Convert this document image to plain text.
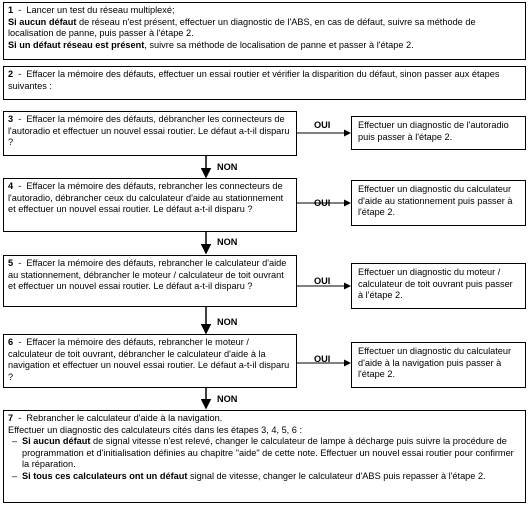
1  -  Lancer un test du réseau multiplexé;

Si aucun défaut de réseau n'est présent, effectuer un diagnostic de l'ABS, en cas de défaut, suivre sa méthode de localisation de panne, puis passer à l'étape 2.

Si un défaut réseau est présent, suivre sa méthode de localisation de panne et passer à l'étape 2.

2  -  Effacer la mémoire des défauts, effectuer un essai routier et vérifier la disparition du défaut, sinon passer aux étapes suivantes :

3  -  Effacer la mémoire des défauts, débrancher les connecteurs de l'autoradio et effectuer un nouvel essai routier. Le défaut a-t-il disparu ?

OUI	Effectuer un diagnostic de l'autoradio puis passer à l'étape 2.
NON

4  -  Effacer la mémoire des défauts, rebrancher les connecteurs de l'autoradio, débrancher ceux du calculateur d'aide au stationnement et effectuer un nouvel essai routier. Le défaut a-t-il disparu ?

OUI
Effectuer un diagnostic du calculateur d'aide au stationnement puis passer à l'étape 2.
NON

5  -  Effacer la mémoire des défauts, rebrancher le calculateur d'aide au stationnement, débrancher le moteur / calculateur de toit ouvrant et effectuer un nouvel essai routier. Le défaut a-t-il disparu ?

OUI
Effectuer un diagnostic du moteur / calculateur de toit ouvrant puis passer à l'étape 2.
NON

6  -  Effacer la mémoire des défauts, rebrancher le moteur / calculateur de toit ouvrant, débrancher le calculateur d'aide à la navigation et effectuer un nouvel essai routier. Le défaut a-t-il disparu ?

OUI
Effectuer un diagnostic du calculateur d'aide à la navigation puis passer à l'étape 2.
NON

7  -  Rebrancher le calculateur d'aide à la navigation.

Effectuer un diagnostic des calculateurs cités dans les étapes 3, 4, 5, 6 :

– Si aucun défaut de signal vitesse n'est relevé, changer le calculateur de lampe à décharge puis suivre la procédure de programmation et d'initialisation définies au chapitre "aide" de cette note. Effectuer un nouvel essai routier pour confirmer la réparation.
– Si tous ces calculateurs ont un défaut signal de vitesse, changer le calculateur d'ABS puis repasser à l'étape 2.
